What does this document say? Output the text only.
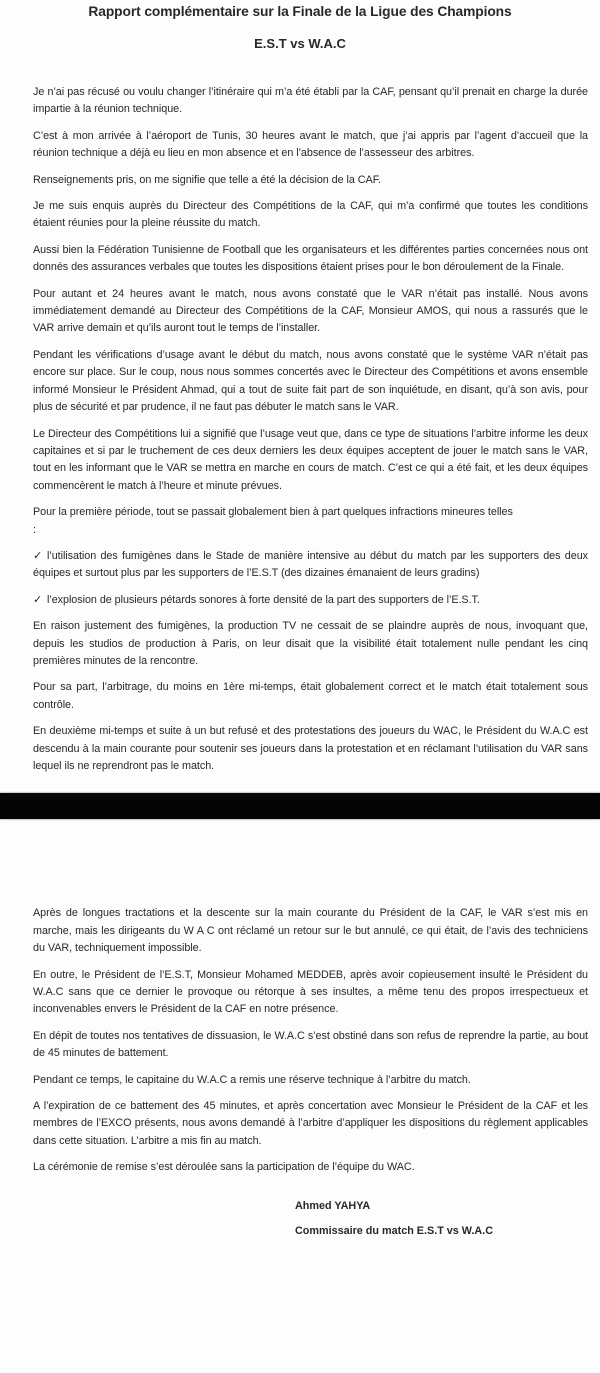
Rapport complémentaire sur la Finale de la Ligue des Champions
E.S.T vs W.A.C

Je n’ai pas récusé ou voulu changer l’itinéraire qui m’a été établi par la CAF, pensant qu’il prenait en charge la durée impartie à la réunion technique.

C’est à mon arrivée à l’aéroport de Tunis, 30 heures avant le match, que j’ai appris par l’agent d’accueil que la réunion technique a déjà eu lieu en mon absence et en l’absence de l’assesseur des arbitres.

Renseignements pris, on me signifie que telle a été la décision de la CAF.

Je me suis enquis auprès du Directeur des Compétitions de la CAF, qui m’a confirmé que toutes les conditions étaient réunies pour la pleine réussite du match.

Aussi bien la Fédération Tunisienne de Football que les organisateurs et les différentes parties concernées nous ont donnés des assurances verbales que toutes les dispositions étaient prises pour le bon déroulement de la Finale.

Pour autant et 24 heures avant le match, nous avons constaté que le VAR n’était pas installé. Nous avons immédiatement demandé au Directeur des Compétitions de la CAF, Monsieur AMOS, qui nous a rassurés que le VAR arrive demain et qu’ils auront tout le temps de l’installer.

Pendant les vérifications d’usage avant le début du match, nous avons constaté que le système VAR n’était pas encore sur place. Sur le coup, nous nous sommes concertés avec le Directeur des Compétitions et avons ensemble informé Monsieur le Président Ahmad, qui a tout de suite fait part de son inquiétude, en disant, qu’à son avis, pour plus de sécurité et par prudence, il ne faut pas débuter le match sans le VAR.

Le Directeur des Compétitions lui a signifié que l’usage veut que, dans ce type de situations l’arbitre informe les deux capitaines et si par le truchement de ces deux derniers les deux équipes acceptent de jouer le match sans le VAR, tout en les informant que le VAR se mettra en marche en cours de match. C’est ce qui a été fait, et les deux équipes commencèrent le match à l’heure et minute prévues.

Pour la première période, tout se passait globalement bien à part quelques infractions mineures telles
:

✓ l’utilisation des fumigènes dans le Stade de manière intensive au début du match par les supporters des deux équipes et surtout plus par les supporters de l’E.S.T (des dizaines émanaient de leurs gradins)

✓ l’explosion de plusieurs pétards sonores à forte densité de la part des supporters de l’E.S.T.

En raison justement des fumigènes, la production TV ne cessait de se plaindre auprès de nous, invoquant que, depuis les studios de production à Paris, on leur disait que la visibilité était totalement nulle pendant les cinq premières minutes de la rencontre.

Pour sa part, l’arbitrage, du moins en 1ère mi-temps, était globalement correct et le match était totalement sous contrôle.

En deuxième mi-temps et suite à un but refusé et des protestations des joueurs du WAC, le Président du W.A.C est descendu à la main courante pour soutenir ses joueurs dans la protestation et en réclamant l’utilisation du VAR sans lequel ils ne reprendront pas le match.

Après de longues tractations et la descente sur la main courante du Président de la CAF, le VAR s’est mis en marche, mais les dirigeants du W A C ont réclamé un retour sur le but annulé, ce qui était, de l’avis des techniciens du VAR, techniquement impossible.

En outre, le Président de l’E.S.T, Monsieur Mohamed MEDDEB, après avoir copieusement insulté le Président du W.A.C sans que ce dernier le provoque ou rétorque à ses insultes, a même tenu des propos irrespectueux et inconvenables envers le Président de la CAF en notre présence.

En dépit de toutes nos tentatives de dissuasion, le W.A.C s’est obstiné dans son refus de reprendre la partie, au bout de 45 minutes de battement.

Pendant ce temps, le capitaine du W.A.C a remis une réserve technique à l’arbitre du match.

A l’expiration de ce battement des 45 minutes, et après concertation avec Monsieur le Président de la CAF et les membres de l’EXCO présents, nous avons demandé à l’arbitre d’appliquer les dispositions du règlement applicables dans cette situation. L’arbitre a mis fin au match.

La cérémonie de remise s’est déroulée sans la participation de l’équipe du WAC.

Ahmed YAHYA

Commissaire du match E.S.T vs W.A.C
